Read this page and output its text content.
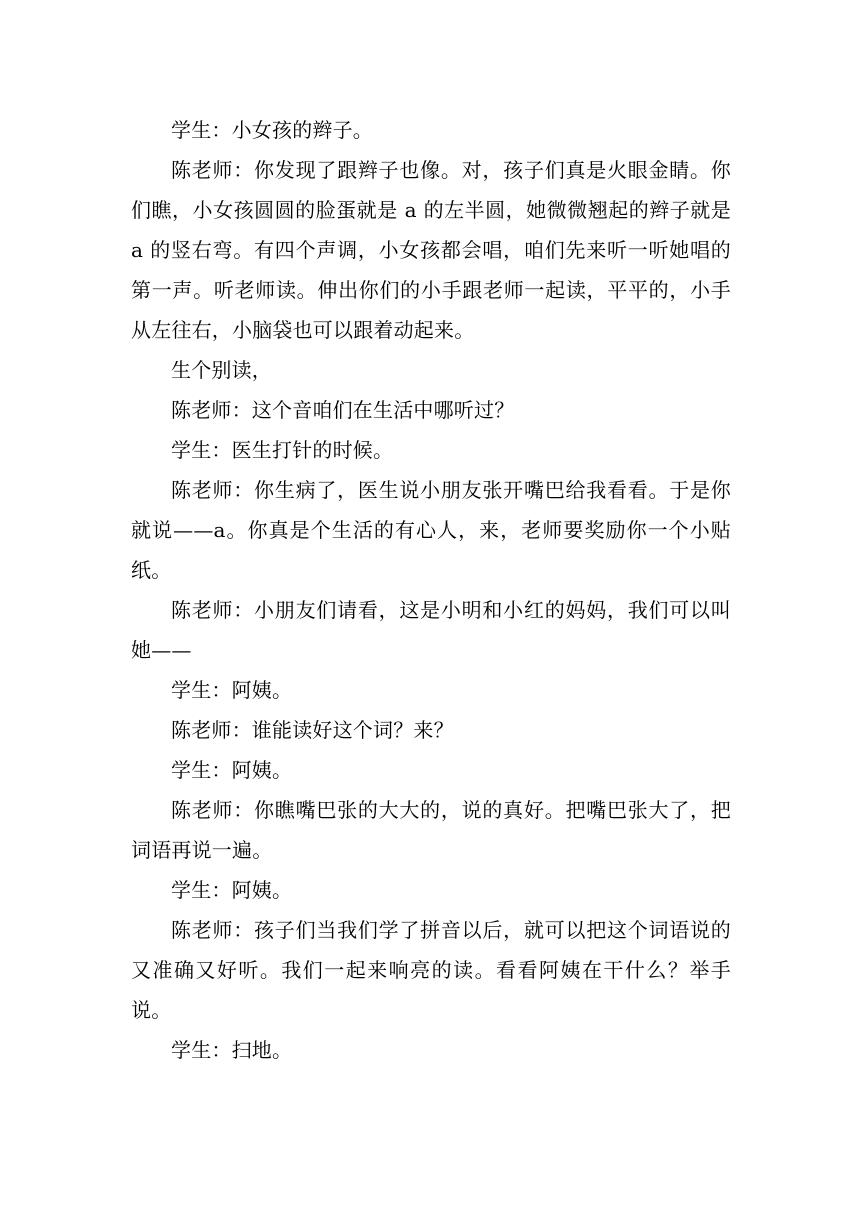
学生：小女孩的辫子。

陈老师：你发现了跟辫子也像。对，孩子们真是火眼金睛。你们瞧，小女孩圆圆的脸蛋就是 a 的左半圆，她微微翘起的辫子就是 a 的竖右弯。有四个声调，小女孩都会唱，咱们先来听一听她唱的第一声。听老师读。伸出你们的小手跟老师一起读，平平的，小手从左往右，小脑袋也可以跟着动起来。

生个别读，

陈老师：这个音咱们在生活中哪听过？

学生：医生打针的时候。

陈老师：你生病了，医生说小朋友张开嘴巴给我看看。于是你就说——a。你真是个生活的有心人，来，老师要奖励你一个小贴纸。

陈老师：小朋友们请看，这是小明和小红的妈妈，我们可以叫她——

学生：阿姨。

陈老师：谁能读好这个词？来？

学生：阿姨。

陈老师：你瞧嘴巴张的大大的，说的真好。把嘴巴张大了，把词语再说一遍。

学生：阿姨。

陈老师：孩子们当我们学了拼音以后，就可以把这个词语说的又准确又好听。我们一起来响亮的读。看看阿姨在干什么？举手说。

学生：扫地。
